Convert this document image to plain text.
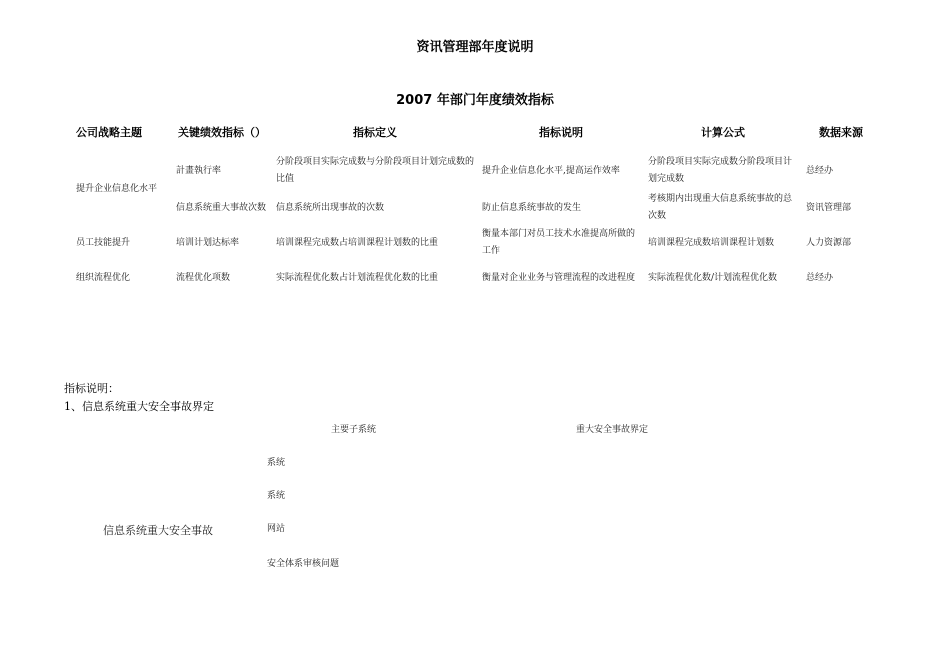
资讯管理部年度说明
2007 年部门年度绩效指标
公司战略主题	关键绩效指标（）	指标定义	指标说明	计算公式	数据来源
提升企业信息化水平	計畫執行率	分阶段项目实际完成数与分阶段项目计划完成数的比值	提升企业信息化水平,提高运作效率	分阶段项目实际完成数分阶段项目计划完成数	总经办
	信息系统重大事故次数	信息系统所出现事故的次数	防止信息系统事故的发生	考核期内出现重大信息系统事故的总次数	资讯管理部
员工技能提升	培训计划达标率	培训课程完成数占培训课程计划数的比重	衡量本部门对员工技术水准提高所做的工作	培训课程完成数培训课程计划数	人力资源部
组织流程优化	流程优化项数	实际流程优化数占计划流程优化数的比重	衡量对企业业务与管理流程的改进程度	实际流程优化数/计划流程优化数	总经办
指标说明：
1、信息系统重大安全事故界定
主要子系统	重大安全事故界定
系统
系统
网站
安全体系审核问题
信息系统重大安全事故
